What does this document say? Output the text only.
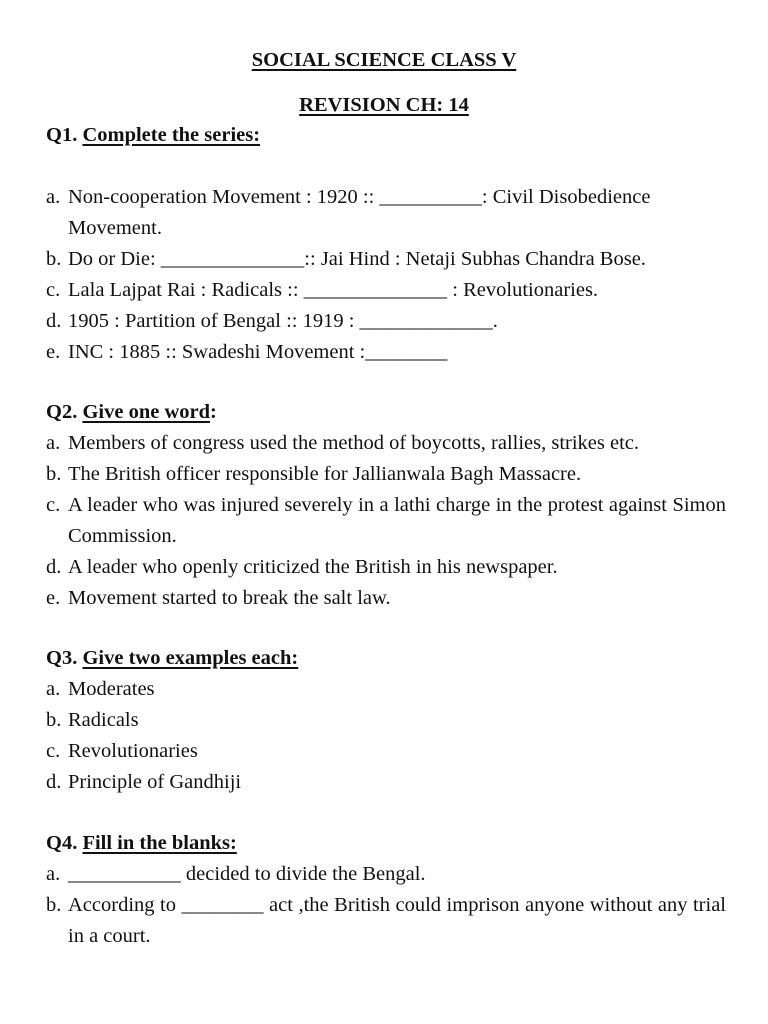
SOCIAL SCIENCE CLASS V
REVISION CH: 14
Q1. Complete the series:
a. Non-cooperation Movement : 1920 :: __________: Civil Disobedience Movement.
b. Do or Die: ______________:: Jai Hind : Netaji Subhas Chandra Bose.
c. Lala Lajpat Rai : Radicals :: ______________ : Revolutionaries.
d. 1905 : Partition of Bengal :: 1919 : _____________.
e. INC : 1885 :: Swadeshi Movement :________
Q2. Give one word:
a. Members of congress used the method of boycotts, rallies, strikes etc.
b. The British officer responsible for Jallianwala Bagh Massacre.
c. A leader who was injured severely in a lathi charge in the protest against Simon Commission.
d. A leader who openly criticized the British in his newspaper.
e. Movement started to break the salt law.
Q3. Give two examples each:
a. Moderates
b. Radicals
c. Revolutionaries
d. Principle of Gandhiji
Q4. Fill in the blanks:
a. ___________ decided to divide the Bengal.
b. According to ________ act ,the British could imprison anyone without any trial in a court.
